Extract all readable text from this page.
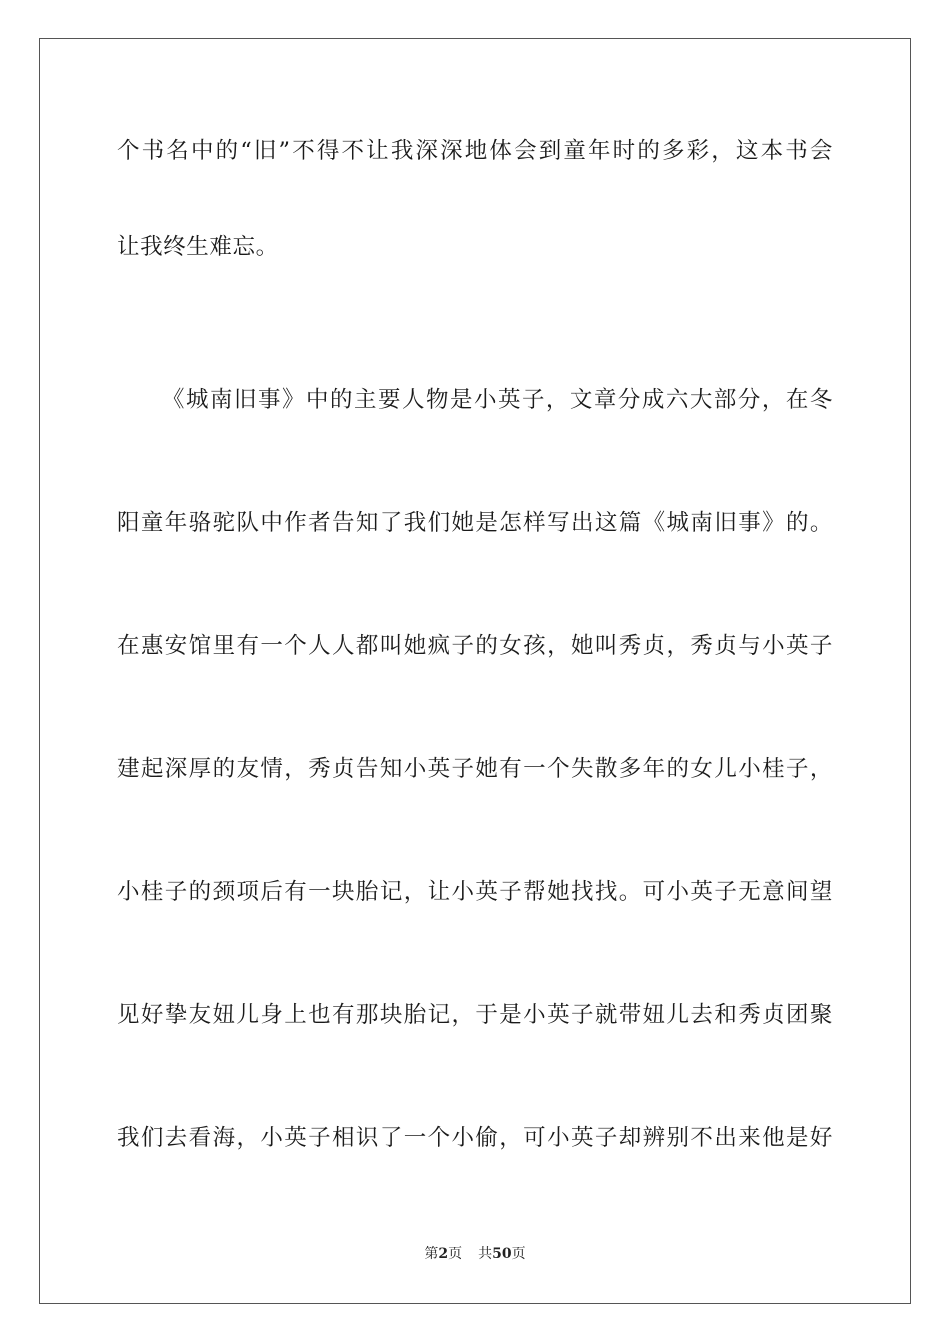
个书名中的“旧”不得不让我深深地体会到童年时的多彩，这本书会
让我终生难忘。
《城南旧事》中的主要人物是小英子，文章分成六大部分，在冬
阳童年骆驼队中作者告知了我们她是怎样写出这篇《城南旧事》的。
在惠安馆里有一个人人都叫她疯子的女孩，她叫秀贞，秀贞与小英子
建起深厚的友情，秀贞告知小英子她有一个失散多年的女儿小桂子，
小桂子的颈项后有一块胎记，让小英子帮她找找。可小英子无意间望
见好挚友妞儿身上也有那块胎记，于是小英子就带妞儿去和秀贞团聚
我们去看海，小英子相识了一个小偷，可小英子却辨别不出来他是好
第2页 共50页
